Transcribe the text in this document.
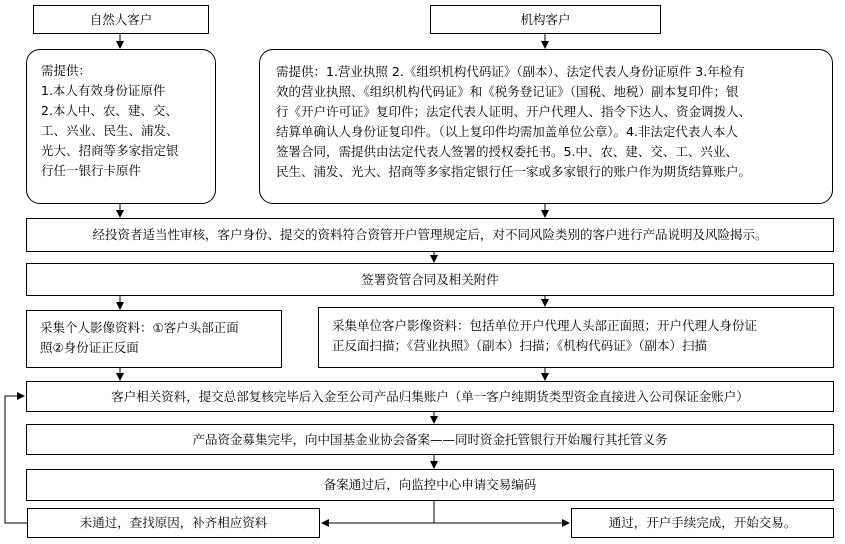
自然人客户	机构客户
需提供：
1.本人有效身份证原件
2.本人中、农、建、交、
工、兴业、民生、浦发、
光大、招商等多家指定银
行任一银行卡原件
需提供：1.营业执照 2.《组织机构代码证》（副本）、法定代表人身份证原件 3.年检有
效的营业执照、《组织机构代码证》和《税务登记证》（国税、地税）副本复印件；银
行《开户许可证》复印件；法定代表人证明、开户代理人、指令下达人、资金调拨人、
结算单确认人身份证复印件。（以上复印件均需加盖单位公章）。4.非法定代表人本人
签署合同，需提供由法定代表人签署的授权委托书。5.中、农、建、交、工、兴业、
民生、浦发、光大、招商等多家指定银行任一家或多家银行的账户作为期货结算账户。
经投资者适当性审核，客户身份、提交的资料符合资管开户管理规定后，对不同风险类别的客户进行产品说明及风险揭示。
签署资管合同及相关附件
采集个人影像资料：①客户头部正面
照②身份证正反面
采集单位客户影像资料：包括单位开户代理人头部正面照；开户代理人身份证
正反面扫描；《营业执照》（副本）扫描；《机构代码证》（副本）扫描
客户相关资料，提交总部复核完毕后入金至公司产品归集账户（单一客户纯期货类型资金直接进入公司保证金账户）
产品资金募集完毕，向中国基金业协会备案——同时资金托管银行开始履行其托管义务
备案通过后，向监控中心申请交易编码
未通过，查找原因，补齐相应资料	通过，开户手续完成，开始交易。
